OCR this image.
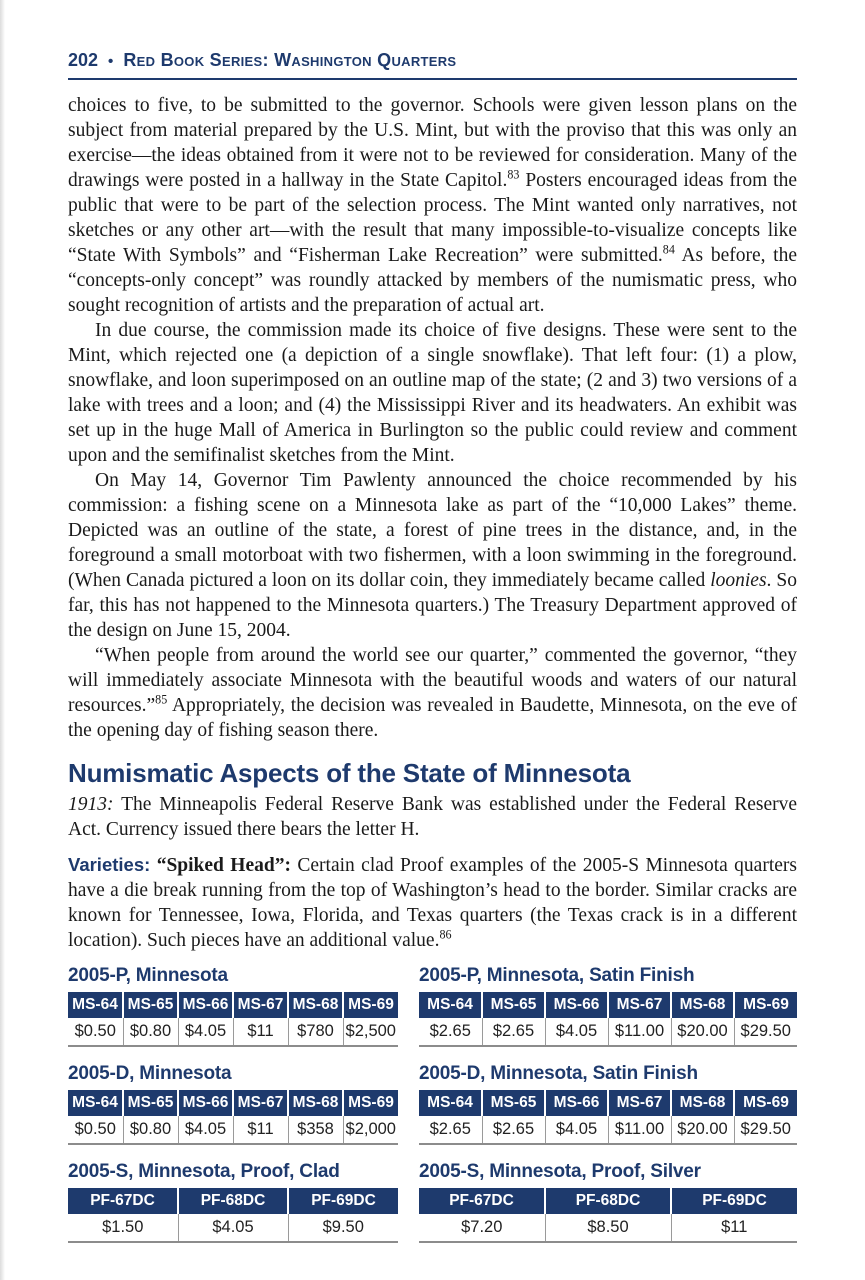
202 • Red Book Series: Washington Quarters

choices to five, to be submitted to the governor. Schools were given lesson plans on the subject from material prepared by the U.S. Mint, but with the proviso that this was only an exercise—the ideas obtained from it were not to be reviewed for consideration. Many of the drawings were posted in a hallway in the State Capitol.$^{83}$ Posters encouraged ideas from the public that were to be part of the selection process. The Mint wanted only narratives, not sketches or any other art—with the result that many impossible-to-visualize concepts like “State With Symbols” and “Fisherman Lake Recreation” were submitted.$^{84}$ As before, the “concepts-only concept” was roundly attacked by members of the numismatic press, who sought recognition of artists and the preparation of actual art.

In due course, the commission made its choice of five designs. These were sent to the Mint, which rejected one (a depiction of a single snowflake). That left four: (1) a plow, snowflake, and loon superimposed on an outline map of the state; (2 and 3) two versions of a lake with trees and a loon; and (4) the Mississippi River and its headwaters. An exhibit was set up in the huge Mall of America in Burlington so the public could review and comment upon and the semifinalist sketches from the Mint.

On May 14, Governor Tim Pawlenty announced the choice recommended by his commission: a fishing scene on a Minnesota lake as part of the “10,000 Lakes” theme. Depicted was an outline of the state, a forest of pine trees in the distance, and, in the foreground a small motorboat with two fishermen, with a loon swimming in the foreground. (When Canada pictured a loon on its dollar coin, they immediately became called loonies. So far, this has not happened to the Minnesota quarters.) The Treasury Department approved of the design on June 15, 2004.

“When people from around the world see our quarter,” commented the governor, “they will immediately associate Minnesota with the beautiful woods and waters of our natural resources.”$^{85}$ Appropriately, the decision was revealed in Baudette, Minnesota, on the eve of the opening day of fishing season there.

Numismatic Aspects of the State of Minnesota

1913: The Minneapolis Federal Reserve Bank was established under the Federal Reserve Act. Currency issued there bears the letter H.

Varieties: “Spiked Head”: Certain clad Proof examples of the 2005-S Minnesota quarters have a die break running from the top of Washington’s head to the border. Similar cracks are known for Tennessee, Iowa, Florida, and Texas quarters (the Texas crack is in a different location). Such pieces have an additional value.$^{86}$

2005-P, Minnesota
MS-64	MS-65	MS-66	MS-67	MS-68	MS-69
$0.50	$0.80	$4.05	$11	$780	$2,500
2005-P, Minnesota, Satin Finish
MS-64	MS-65	MS-66	MS-67	MS-68	MS-69
$2.65	$2.65	$4.05	$11.00	$20.00	$29.50
2005-D, Minnesota
MS-64	MS-65	MS-66	MS-67	MS-68	MS-69
$0.50	$0.80	$4.05	$11	$358	$2,000
2005-D, Minnesota, Satin Finish
MS-64	MS-65	MS-66	MS-67	MS-68	MS-69
$2.65	$2.65	$4.05	$11.00	$20.00	$29.50
2005-S, Minnesota, Proof, Clad
PF-67DC	PF-68DC	PF-69DC
$1.50	$4.05	$9.50
2005-S, Minnesota, Proof, Silver
PF-67DC	PF-68DC	PF-69DC
$7.20	$8.50	$11
